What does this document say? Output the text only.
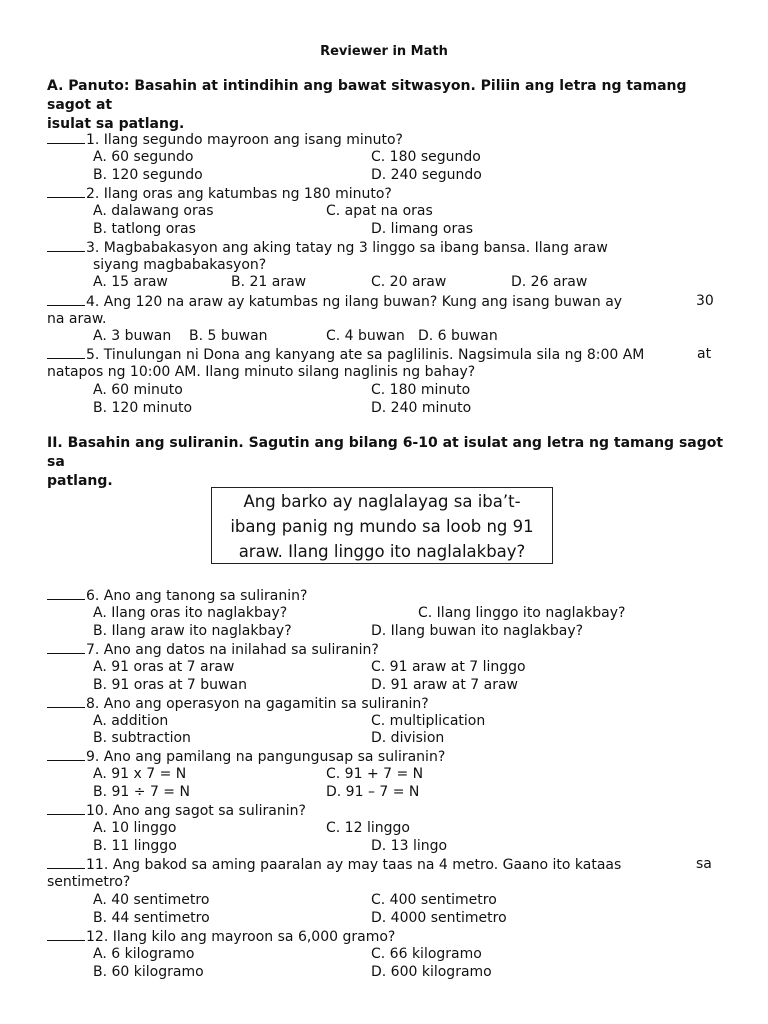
Reviewer in Math
A. Panuto: Basahin at intindihin ang bawat sitwasyon. Piliin ang letra ng tamang sagot at
isulat sa patlang.
1. Ilang segundo mayroon ang isang minuto?
A. 60 segundo	C. 180 segundo
B. 120 segundo	D. 240 segundo
2. Ilang oras ang katumbas ng 180 minuto?
A. dalawang oras	C. apat na oras
B. tatlong oras	D. limang oras
3. Magbabakasyon ang aking tatay ng 3 linggo sa ibang bansa. Ilang araw
siyang magbabakasyon?
A. 15 araw	B. 21 araw	C. 20 araw	D. 26 araw
4. Ang 120 na araw ay katumbas ng ilang buwan? Kung ang isang buwan ay	30
na araw.
A. 3 buwan B. 5 buwan	C. 4 buwan D. 6 buwan
5. Tinulungan ni Dona ang kanyang ate sa paglilinis. Nagsimula sila ng 8:00 AM	at
natapos ng 10:00 AM. Ilang minuto silang naglinis ng bahay?
A. 60 minuto	C. 180 minuto
B. 120 minuto	D. 240 minuto
II. Basahin ang suliranin. Sagutin ang bilang 6-10 at isulat ang letra ng tamang sagot sa
patlang.
Ang barko ay naglalayag sa iba’t-
ibang panig ng mundo sa loob ng 91
araw. Ilang linggo ito naglalakbay?
6. Ano ang tanong sa suliranin?
A. Ilang oras ito naglakbay?	C. Ilang linggo ito naglakbay?
B. Ilang araw ito naglakbay?	D. Ilang buwan ito naglakbay?
7. Ano ang datos na inilahad sa suliranin?
A. 91 oras at 7 araw	C. 91 araw at 7 linggo
B. 91 oras at 7 buwan	D. 91 araw at 7 araw
8. Ano ang operasyon na gagamitin sa suliranin?
A. addition	C. multiplication
B. subtraction	D. division
9. Ano ang pamilang na pangungusap sa suliranin?
A. 91 x 7 = N	C. 91 + 7 = N
B. 91 ÷ 7 = N	D. 91 – 7 = N
10. Ano ang sagot sa suliranin?
A. 10 linggo	C. 12 linggo
B. 11 linggo	D. 13 lingo
11. Ang bakod sa aming paaralan ay may taas na 4 metro. Gaano ito kataas	sa
sentimetro?
A. 40 sentimetro	C. 400 sentimetro
B. 44 sentimetro	D. 4000 sentimetro
12. Ilang kilo ang mayroon sa 6,000 gramo?
A. 6 kilogramo	C. 66 kilogramo
B. 60 kilogramo	D. 600 kilogramo
